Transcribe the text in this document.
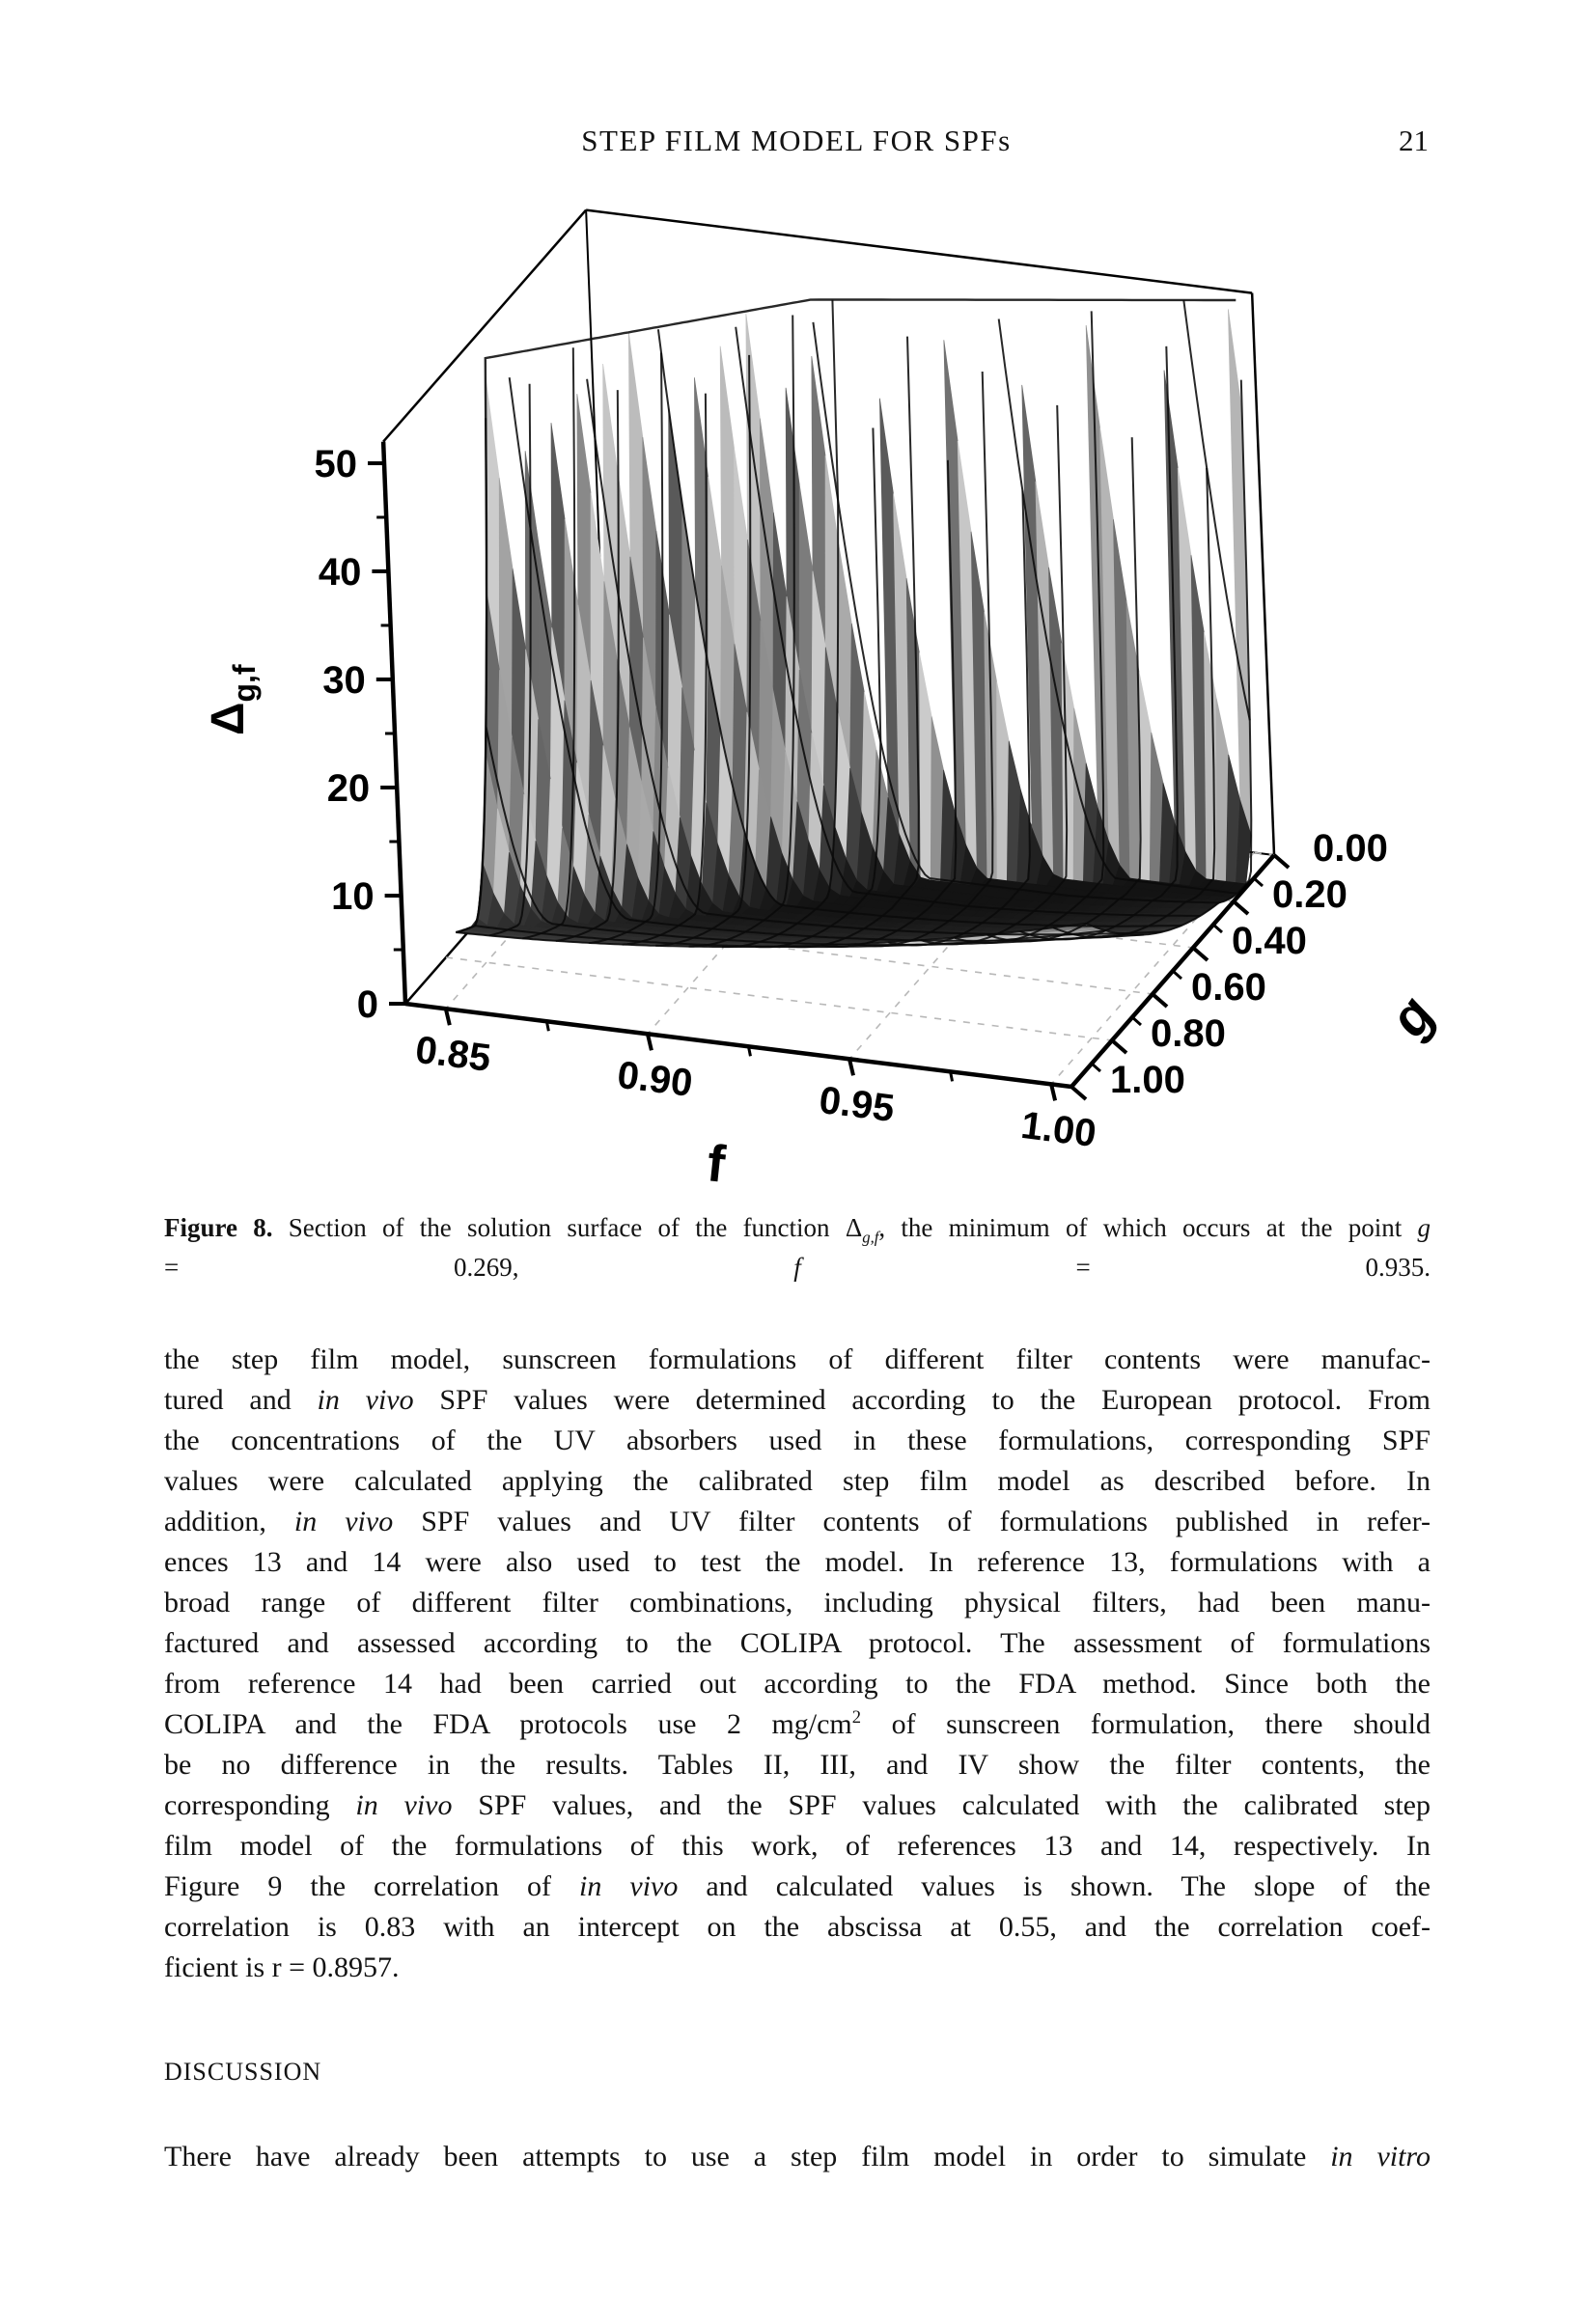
STEP FILM MODEL FOR SPFs	21
0
10
20
30
40
50
0.85	0.90	0.95	1.00
0.00
0.20
0.40
0.60
0.80
1.00
f
g
$\Delta_{g,f}$
Figure 8. Section of the solution surface of the function $\Delta_{g,f}$, the minimum of which occurs at the point g
= 0.269, f = 0.935.
the step film model, sunscreen formulations of different filter contents were manufac-
tured and in vivo SPF values were determined according to the European protocol. From
the concentrations of the UV absorbers used in these formulations, corresponding SPF
values were calculated applying the calibrated step film model as described before. In
addition, in vivo SPF values and UV filter contents of formulations published in refer-
ences 13 and 14 were also used to test the model. In reference 13, formulations with a
broad range of different filter combinations, including physical filters, had been manu-
factured and assessed according to the COLIPA protocol. The assessment of formulations
from reference 14 had been carried out according to the FDA method. Since both the
COLIPA and the FDA protocols use 2 $mg/cm^2$ of sunscreen formulation, there should
be no difference in the results. Tables II, III, and IV show the filter contents, the
corresponding in vivo SPF values, and the SPF values calculated with the calibrated step
film model of the formulations of this work, of references 13 and 14, respectively. In
Figure 9 the correlation of in vivo and calculated values is shown. The slope of the
correlation is 0.83 with an intercept on the abscissa at 0.55, and the correlation coef-
ficient is r = 0.8957.
DISCUSSION
There have already been attempts to use a step film model in order to simulate in vitro
